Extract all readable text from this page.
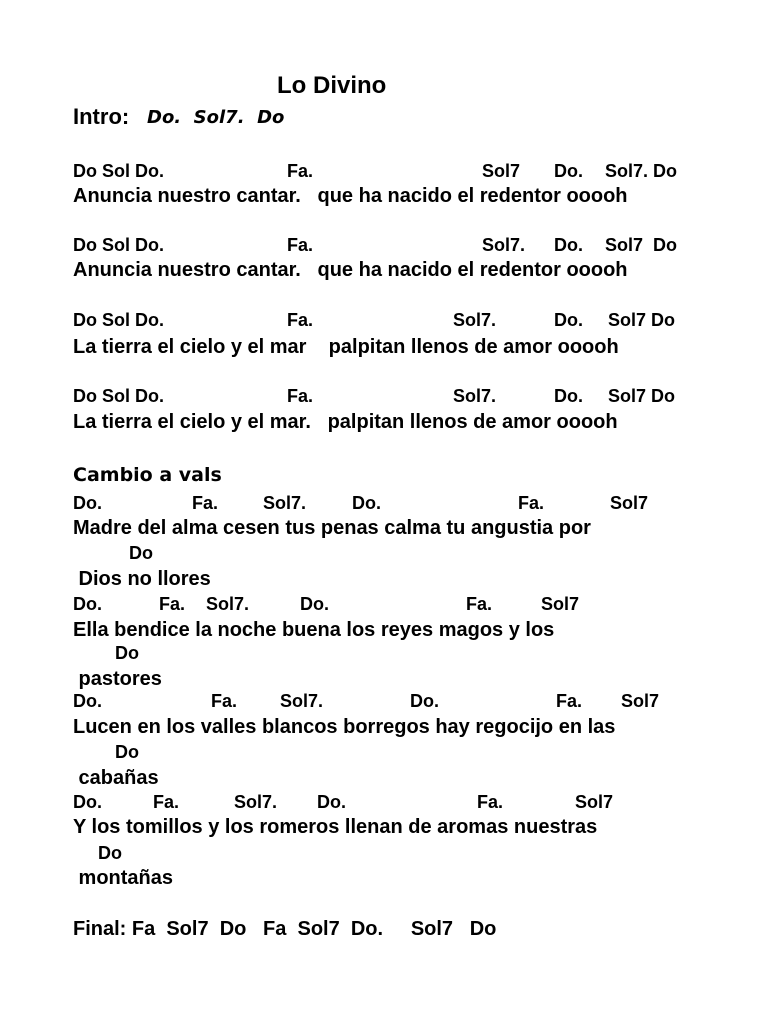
Lo Divino
Intro: Do.  Sol7.  Do
Do Sol Do.	Fa.	Sol7 Do. Sol7. Do
Anuncia nuestro cantar.   que ha nacido el redentor ooooh
Do Sol Do.	Fa.	Sol7. Do. Sol7  Do
Anuncia nuestro cantar.   que ha nacido el redentor ooooh
Do Sol Do.	Fa.	Sol7.	Do. Sol7 Do
La tierra el cielo y el mar    palpitan llenos de amor ooooh
Do Sol Do.	Fa.	Sol7.	Do. Sol7 Do
La tierra el cielo y el mar.   palpitan llenos de amor ooooh
Cambio a vals
Do.	Fa. Sol7.	Do.	Fa.	Sol7
Madre del alma cesen tus penas calma tu angustia por
Do
Dios no llores
Do.	Fa. Sol7.	Do.	Fa.	Sol7
Ella bendice la noche buena los reyes magos y los
Do
pastores
Do.	Fa. Sol7.	Do.	Fa. Sol7
Lucen en los valles blancos borregos hay regocijo en las
Do
cabañas
Do.	Fa.	Sol7. Do.	Fa.	Sol7
Y los tomillos y los romeros llenan de aromas nuestras
Do
montañas
Final: Fa  Sol7  Do   Fa  Sol7  Do.     Sol7   Do
